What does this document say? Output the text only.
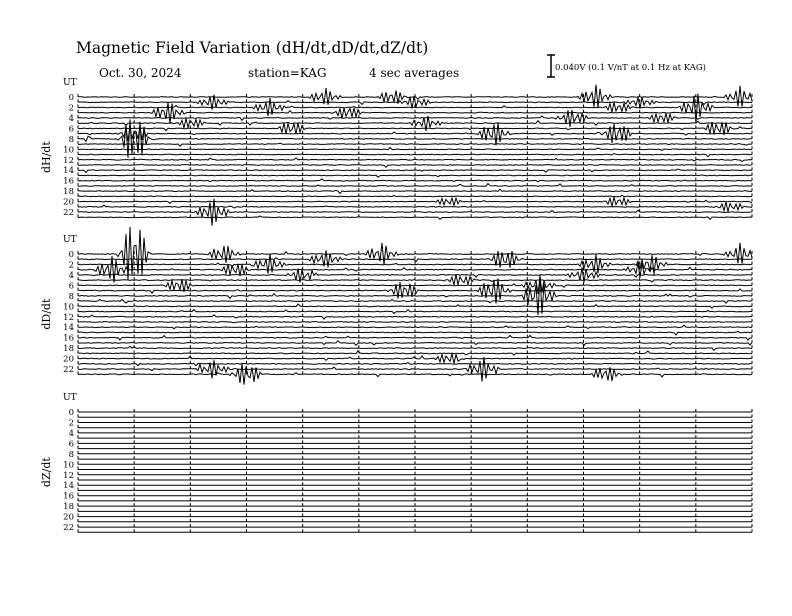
Magnetic Field Variation (dH/dt,dD/dt,dZ/dt)
Oct. 30, 2024	station=KAG	4 sec averages	0.040V (0.1 V/nT at 0.1 Hz at KAG)
UT
0
2
4
6
8
10
12
14
16
18
20
22
dH/dt
UT
0
2
4
6
8
10
12
14
16
18
20
22
dD/dt
UT
0
2
4
6
8
10
12
14
16
18
20
22
dZ/dt
